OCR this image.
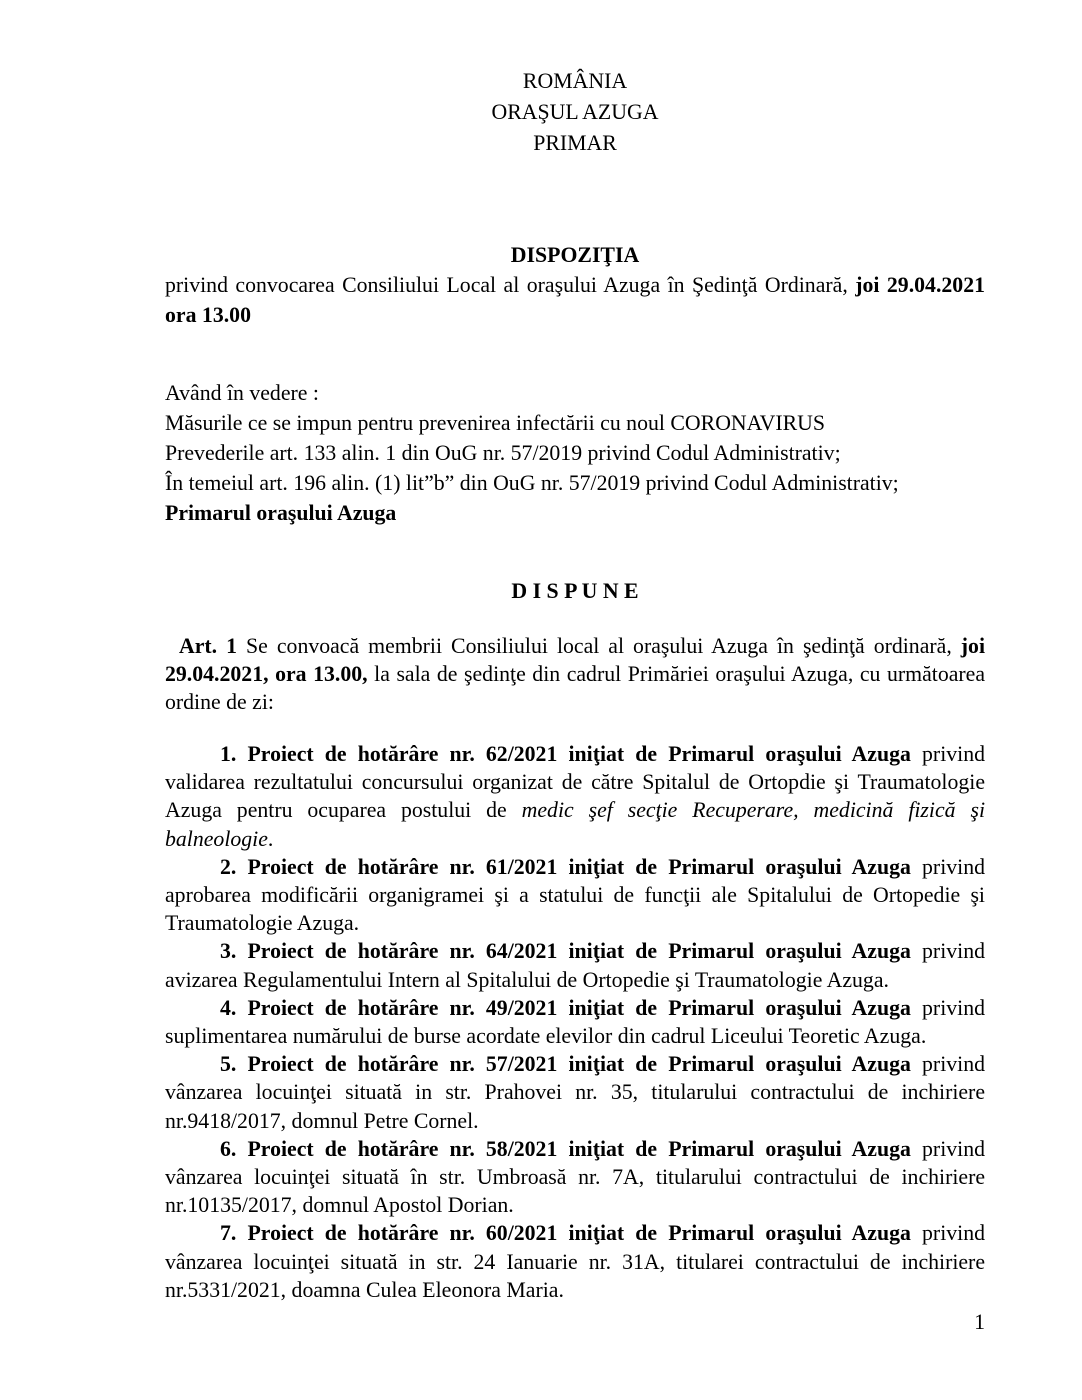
ROMÂNIA
ORAŞUL AZUGA
PRIMAR
DISPOZIŢIA

privind convocarea Consiliului Local al oraşului Azuga în Şedinţă Ordinară, joi 29.04.2021 ora 13.00

Având în vedere :
Măsurile ce se impun pentru prevenirea infectării cu noul CORONAVIRUS
Prevederile art. 133 alin. 1 din OuG nr. 57/2019 privind Codul Administrativ;
În temeiul art. 196 alin. (1) lit”b” din OuG nr. 57/2019 privind Codul Administrativ;
Primarul oraşului Azuga
D I S P U N E

Art. 1 Se convoacă membrii Consiliului local al oraşului Azuga în şedinţă ordinară, joi 29.04.2021, ora 13.00, la sala de şedinţe din cadrul Primăriei oraşului Azuga, cu următoarea ordine de zi:

1. Proiect de hotărâre nr. 62/2021 iniţiat de Primarul oraşului Azuga privind validarea rezultatului concursului organizat de către Spitalul de Ortopdie şi Traumatologie Azuga pentru ocuparea postului de medic şef secţie Recuperare, medicină fizică şi balneologie.

2. Proiect de hotărâre nr. 61/2021 iniţiat de Primarul oraşului Azuga privind aprobarea modificării organigramei şi a statului de funcţii ale Spitalului de Ortopedie şi Traumatologie Azuga.

3. Proiect de hotărâre nr. 64/2021 iniţiat de Primarul oraşului Azuga privind avizarea Regulamentului Intern al Spitalului de Ortopedie şi Traumatologie Azuga.

4. Proiect de hotărâre nr. 49/2021 iniţiat de Primarul oraşului Azuga privind suplimentarea numărului de burse acordate elevilor din cadrul Liceului Teoretic Azuga.

5. Proiect de hotărâre nr. 57/2021 iniţiat de Primarul oraşului Azuga privind vânzarea locuinţei situată in str. Prahovei nr. 35, titularului contractului de inchiriere nr.9418/2017, domnul Petre Cornel.

6. Proiect de hotărâre nr. 58/2021 iniţiat de Primarul oraşului Azuga privind vânzarea locuinţei situată în str. Umbroasă nr. 7A, titularului contractului de inchiriere nr.10135/2017, domnul Apostol Dorian.

7. Proiect de hotărâre nr. 60/2021 iniţiat de Primarul oraşului Azuga privind vânzarea locuinţei situată in str. 24 Ianuarie nr. 31A, titularei contractului de inchiriere nr.5331/2021, doamna Culea Eleonora Maria.

1
